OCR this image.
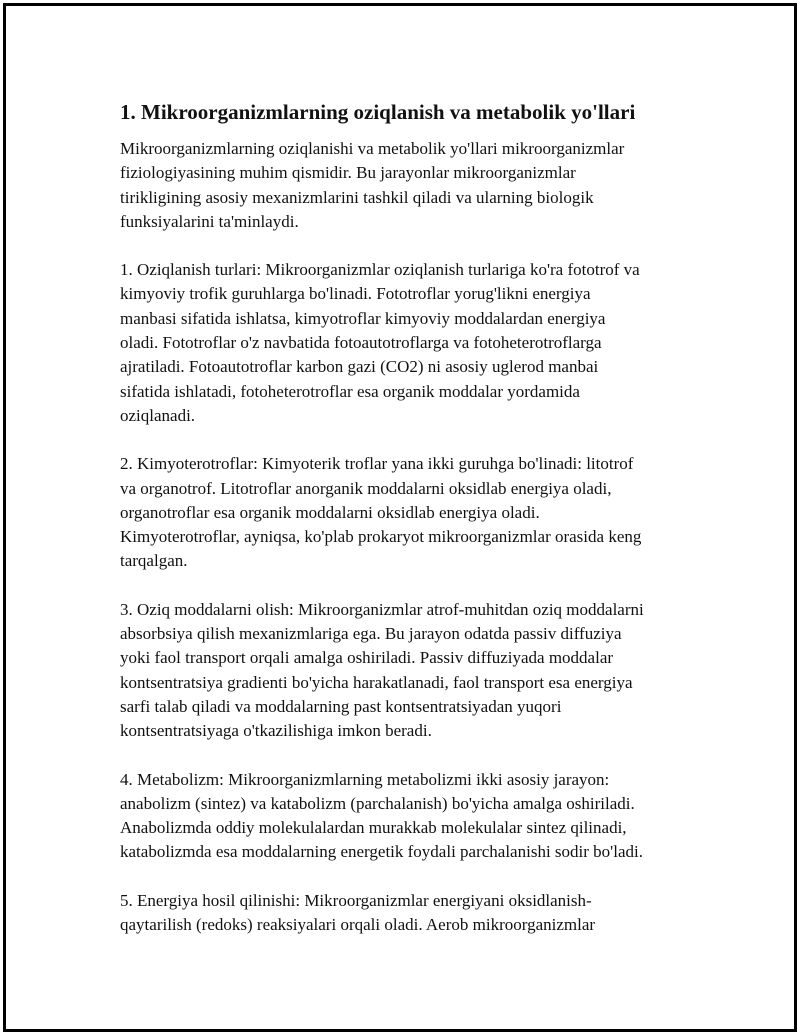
1. Mikroorganizmlarning oziqlanish va metabolik yo'llari

Mikroorganizmlarning oziqlanishi va metabolik yo'llari mikroorganizmlar
fiziologiyasining muhim qismidir. Bu jarayonlar mikroorganizmlar
tirikligining asosiy mexanizmlarini tashkil qiladi va ularning biologik
funksiyalarini ta'minlaydi.

1. Oziqlanish turlari: Mikroorganizmlar oziqlanish turlariga ko'ra fototrof va
kimyoviy trofik guruhlarga bo'linadi. Fototroflar yorug'likni energiya
manbasi sifatida ishlatsa, kimyotroflar kimyoviy moddalardan energiya
oladi. Fototroflar o'z navbatida fotoautotroflarga va fotoheterotroflarga
ajratiladi. Fotoautotroflar karbon gazi (CO2) ni asosiy uglerod manbai
sifatida ishlatadi, fotoheterotroflar esa organik moddalar yordamida
oziqlanadi.

2. Kimyoterotroflar: Kimyoterik troflar yana ikki guruhga bo'linadi: litotrof
va organotrof. Litotroflar anorganik moddalarni oksidlab energiya oladi,
organotroflar esa organik moddalarni oksidlab energiya oladi.
Kimyoterotroflar, ayniqsa, ko'plab prokaryot mikroorganizmlar orasida keng
tarqalgan.

3. Oziq moddalarni olish: Mikroorganizmlar atrof-muhitdan oziq moddalarni
absorbsiya qilish mexanizmlariga ega. Bu jarayon odatda passiv diffuziya
yoki faol transport orqali amalga oshiriladi. Passiv diffuziyada moddalar
kontsentratsiya gradienti bo'yicha harakatlanadi, faol transport esa energiya
sarfi talab qiladi va moddalarning past kontsentratsiyadan yuqori
kontsentratsiyaga o'tkazilishiga imkon beradi.

4. Metabolizm: Mikroorganizmlarning metabolizmi ikki asosiy jarayon:
anabolizm (sintez) va katabolizm (parchalanish) bo'yicha amalga oshiriladi.
Anabolizmda oddiy molekulalardan murakkab molekulalar sintez qilinadi,
katabolizmda esa moddalarning energetik foydali parchalanishi sodir bo'ladi.

5. Energiya hosil qilinishi: Mikroorganizmlar energiyani oksidlanish-
qaytarilish (redoks) reaksiyalari orqali oladi. Aerob mikroorganizmlar
